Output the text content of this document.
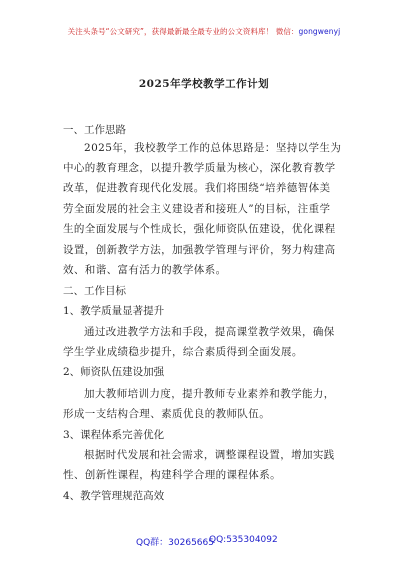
关注头条号“公文研究”，获得最新最全最专业的公文资料库！ 微信：gongwenyj
2025年学校教学工作计划
一、工作思路
2025年，我校教学工作的总体思路是：坚持以学生为
中心的教育理念，以提升教学质量为核心，深化教育教学
改革，促进教育现代化发展。我们将围绕“培养德智体美
劳全面发展的社会主义建设者和接班人”的目标，注重学
生的全面发展与个性成长，强化师资队伍建设，优化课程
设置，创新教学方法，加强教学管理与评价，努力构建高
效、和谐、富有活力的教学体系。
二、工作目标
1、教学质量显著提升
通过改进教学方法和手段，提高课堂教学效果，确保
学生学业成绩稳步提升，综合素质得到全面发展。
2、师资队伍建设加强
加大教师培训力度，提升教师专业素养和教学能力，
形成一支结构合理、素质优良的教师队伍。
3、课程体系完善优化
根据时代发展和社会需求，调整课程设置，增加实践
性、创新性课程，构建科学合理的课程体系。
4、教学管理规范高效
QQ群：30265665
QQ:535304092
